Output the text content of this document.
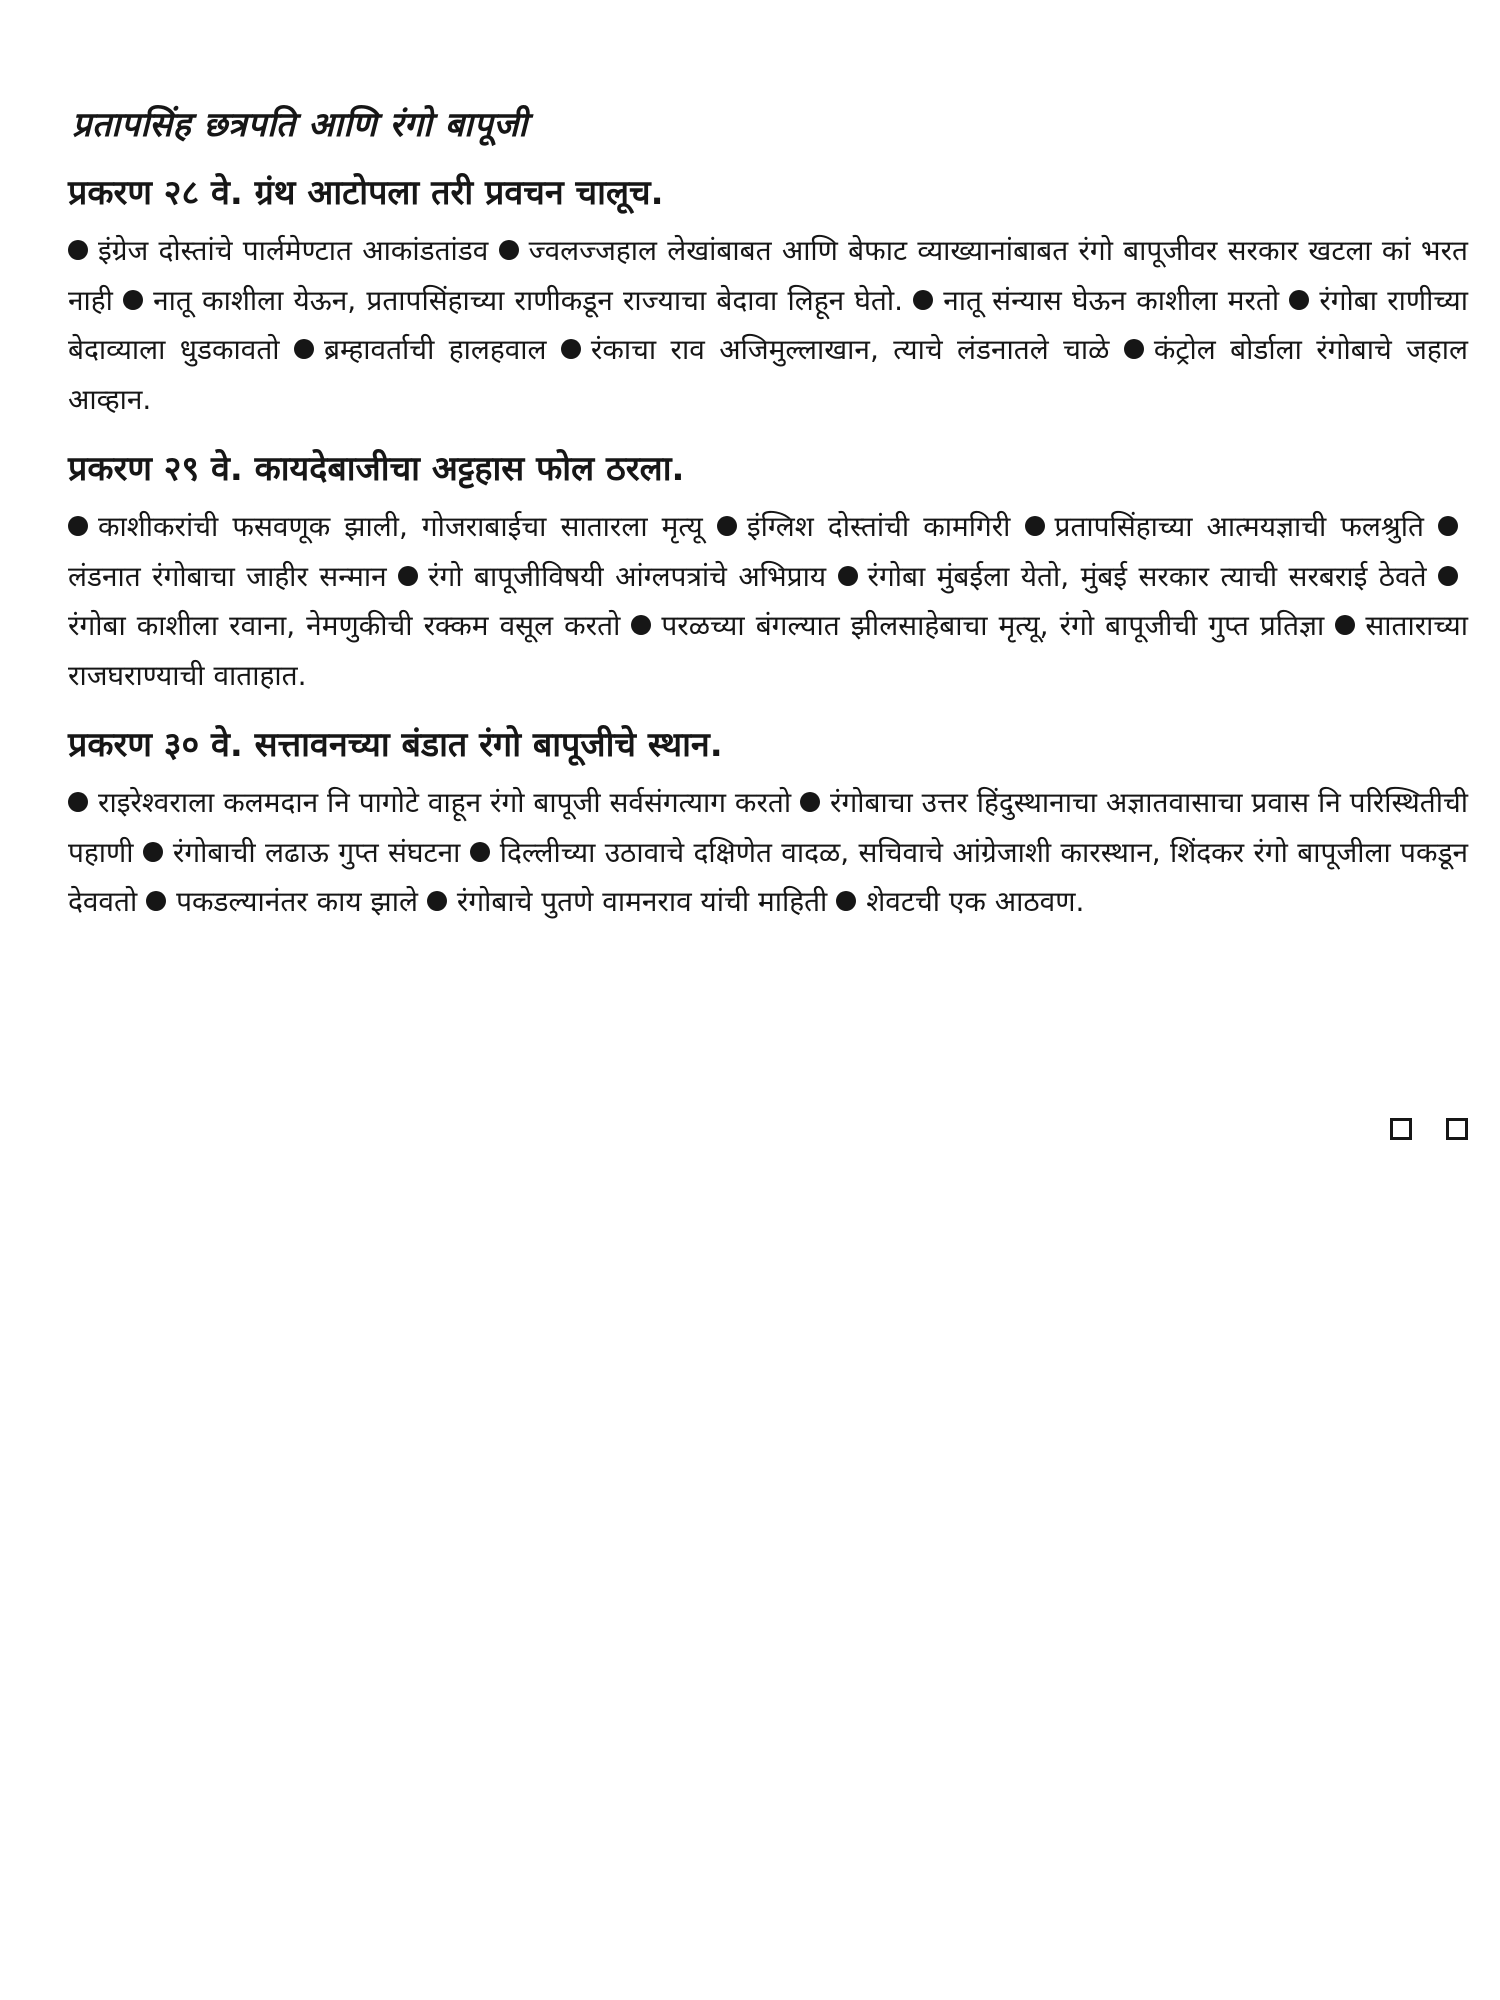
प्रतापसिंह छत्रपति आणि रंगो बापूजी
प्रकरण २८ वे. ग्रंथ आटोपला तरी प्रवचन चालूच.

इंग्रेज दोस्तांचे पार्लमेण्टात आकांडतांडव ज्वलज्जहाल लेखांबाबत आणि बेफाट व्याख्यानांबाबत रंगो बापूजीवर सरकार खटला कां भरत नाही नातू काशीला येऊन, प्रतापसिंहाच्या राणीकडून राज्याचा बेदावा लिहून घेतो. नातू संन्यास घेऊन काशीला मरतो रंगोबा राणीच्या बेदाव्याला धुडकावतो ब्रम्हावर्ताची हालहवाल रंकाचा राव अजिमुल्लाखान, त्याचे लंडनातले चाळे कंट्रोल बोर्डाला रंगोबाचे जहाल आव्हान.

प्रकरण २९ वे. कायदेबाजीचा अट्टहास फोल ठरला.

काशीकरांची फसवणूक झाली, गोजराबाईचा सातारला मृत्यू इंग्लिश दोस्तांची कामगिरी प्रतापसिंहाच्या आत्मयज्ञाची फलश्रुति लंडनात रंगोबाचा जाहीर सन्मान रंगो बापूजीविषयी आंग्लपत्रांचे अभिप्राय रंगोबा मुंबईला येतो, मुंबई सरकार त्याची सरबराई ठेवते रंगोबा काशीला रवाना, नेमणुकीची रक्कम वसूल करतो परळच्या बंगल्यात झीलसाहेबाचा मृत्यू, रंगो बापूजीची गुप्त प्रतिज्ञा साताराच्या राजघराण्याची वाताहात.

प्रकरण ३० वे. सत्तावनच्या बंडात रंगो बापूजीचे स्थान.

राइरेश्वराला कलमदान नि पागोटे वाहून रंगो बापूजी सर्वसंगत्याग करतो रंगोबाचा उत्तर हिंदुस्थानाचा अज्ञातवासाचा प्रवास नि परिस्थितीची पहाणी रंगोबाची लढाऊ गुप्त संघटना दिल्लीच्या उठावाचे दक्षिणेत वादळ, सचिवाचे आंग्रेजाशी कारस्थान, शिंदकर रंगो बापूजीला पकडून देववतो पकडल्यानंतर काय झाले रंगोबाचे पुतणे वामनराव यांची माहिती शेवटची एक आठवण.
